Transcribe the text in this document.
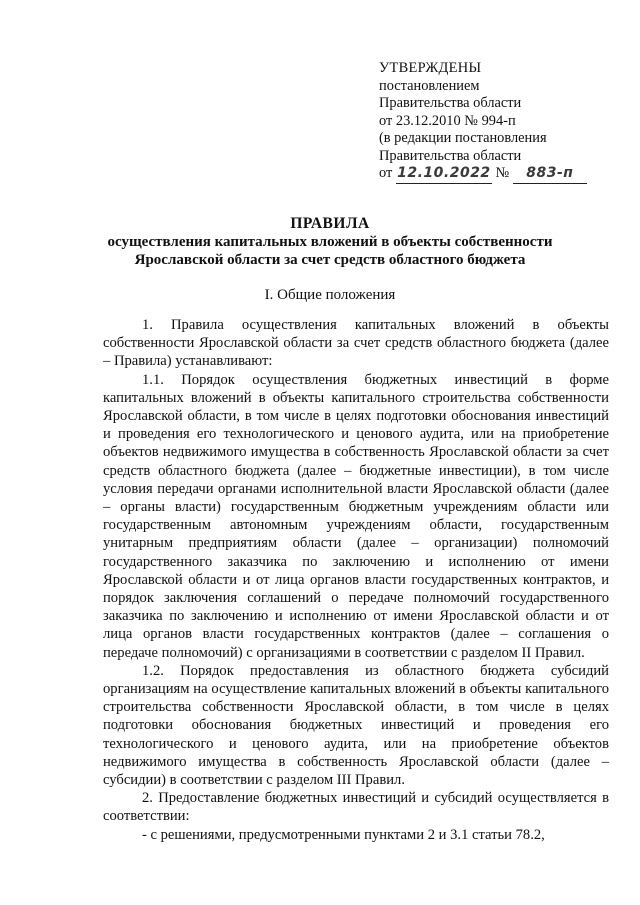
УТВЕРЖДЕНЫ
постановлением
Правительства области
от 23.12.2010 № 994-п
(в редакции постановления
Правительства области
от 12.10.2022 № 883-п
ПРАВИЛА
осуществления капитальных вложений в объекты собственности
Ярославской области за счет средств областного бюджета
I. Общие положения

1. Правила осуществления капитальных вложений в объекты собственности Ярославской области за счет средств областного бюджета (далее – Правила) устанавливают:

1.1. Порядок осуществления бюджетных инвестиций в форме капитальных вложений в объекты капитального строительства собственности Ярославской области, в том числе в целях подготовки обоснования инвестиций и проведения его технологического и ценового аудита, или на приобретение объектов недвижимого имущества в собственность Ярославской области за счет средств областного бюджета (далее – бюджетные инвестиции), в том числе условия передачи органами исполнительной власти Ярославской области (далее – органы власти) государственным бюджетным учреждениям области или государственным автономным учреждениям области, государственным унитарным предприятиям области (далее – организации) полномочий государственного заказчика по заключению и исполнению от имени Ярославской области и от лица органов власти государственных контрактов, и порядок заключения соглашений о передаче полномочий государственного заказчика по заключению и исполнению от имени Ярославской области и от лица органов власти государственных контрактов (далее – соглашения о передаче полномочий) с организациями в соответствии с разделом II Правил.

1.2. Порядок предоставления из областного бюджета субсидий организациям на осуществление капитальных вложений в объекты капитального строительства собственности Ярославской области, в том числе в целях подготовки обоснования бюджетных инвестиций и проведения его технологического и ценового аудита, или на приобретение объектов недвижимого имущества в собственность Ярославской области (далее – субсидии) в соответствии с разделом III Правил.

2. Предоставление бюджетных инвестиций и субсидий осуществляется в соответствии:

- с решениями, предусмотренными пунктами 2 и 3.1 статьи 78.2,
